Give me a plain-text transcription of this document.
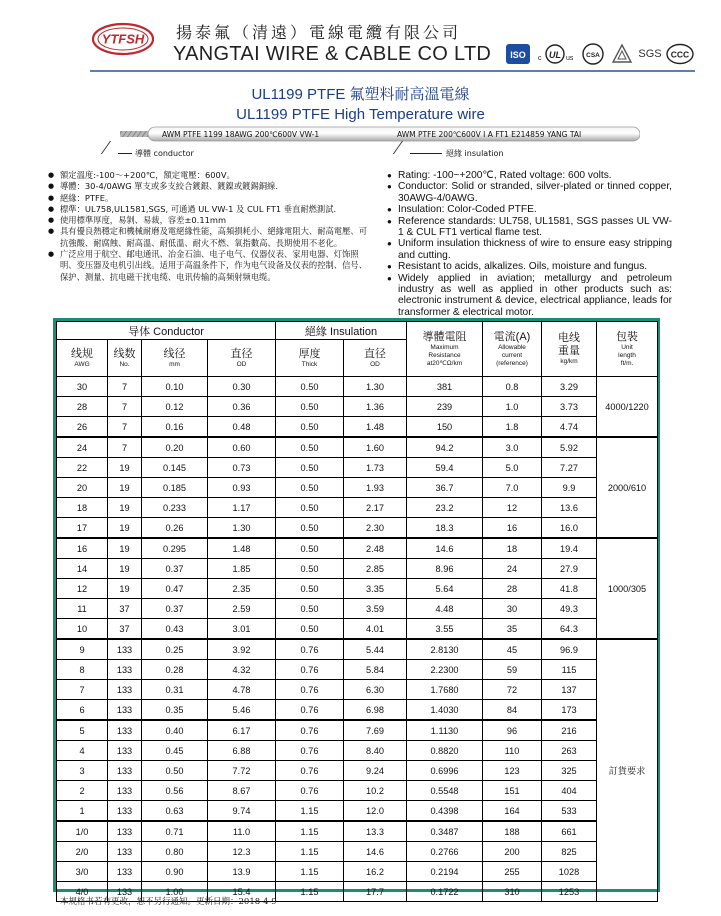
YTFSH 揚泰氟（清遠）電線電纜有限公司
YANGTAI WIRE & CABLE CO LTD ISO c UL us CSA	SGS CCC
UL1199 PTFE 氟塑料耐高溫電線
UL1199 PTFE High Temperature wire
AWM PTFE 1199 18AWG 200℃600V VW-1	AWM PTFE 200℃600V I A FT1 E214859 YANG TAI
導體 conductor	絕緣 insulation
● 額定溫度:-100～+200℃，額定電壓：600V。
● 導體：30-4/0AWG 單支或多支絞合鍍銀、鍍鎳或鍍錫銅線.
● 絕緣：PTFE。
● 標準：UL758,UL1581,SGS, 可通過 UL VW-1 及 CUL FT1 垂直耐燃測試.
● 使用標準厚度，易剝、易裁，容差±0.11mm
● 具有優良熱穩定和機械耐磨及電絕緣性能，高頻損耗小、絕緣電阻大、耐高電壓、可抗強酸、耐腐蝕、耐高溫、耐低溫、耐火不燃、氧指數高、長期使用不老化。
● 广泛应用于航空、邮电通讯、冶金石油、电子电气、仪器仪表、家用电器、灯饰照明、变压器及电机引出线。适用于高温条件下，作为电气设备及仪表的控制、信号、保护、测量、抗电磁干扰电缆、电讯传输的高频射频电缆。
● Rating: -100~+200℃, Rated voltage: 600 volts.
● Conductor: Solid or stranded, silver-plated or tinned copper, 30AWG-4/0AWG.
● Insulation: Color-Coded PTFE.
● Reference standards: UL758, UL1581, SGS passes UL VW-1 & CUL FT1 vertical flame test.
● Uniform insulation thickness of wire to ensure easy stripping and cutting.
● Resistant to acids, alkalizes. Oils, moisture and fungus.
● Widely applied in aviation; metallurgy and petroleum industry as well as applied in other products such as: electronic instrument & device, electrical appliance, leads for transformer & electrical motor.
导体 Conductor				絕緣 Insulation		導體電阻
Maximum
Resistance
at20℃Ω/km	電流(A)
Allowable
current
(reference)	电线
重量
kg/km	包裝
Unit
length
ft/m.

线规
AWG	线数
No.	线径
mm	直径
OD	厚度
Thick	直径
OD				

30	7	0.10	0.30	0.50	1.30	381	0.8	3.29	4000/1220
28	7	0.12	0.36	0.50	1.36	239	1.0	3.73	
26	7	0.16	0.48	0.50	1.48	150	1.8	4.74	
24	7	0.20	0.60	0.50	1.60	94.2	3.0	5.92	2000/610
22	19	0.145	0.73	0.50	1.73	59.4	5.0	7.27	
20	19	0.185	0.93	0.50	1.93	36.7	7.0	9.9	
18	19	0.233	1.17	0.50	2.17	23.2	12	13.6	
17	19	0.26	1.30	0.50	2.30	18.3	16	16.0	
16	19	0.295	1.48	0.50	2.48	14.6	18	19.4	1000/305
14	19	0.37	1.85	0.50	2.85	8.96	24	27.9	
12	19	0.47	2.35	0.50	3.35	5.64	28	41.8	
11	37	0.37	2.59	0.50	3.59	4.48	30	49.3	
10	37	0.43	3.01	0.50	4.01	3.55	35	64.3	
9	133	0.25	3.92	0.76	5.44	2.8130	45	96.9	訂貨要求
8	133	0.28	4.32	0.76	5.84	2.2300	59	115	
7	133	0.31	4.78	0.76	6.30	1.7680	72	137	
6	133	0.35	5.46	0.76	6.98	1.4030	84	173	
5	133	0.40	6.17	0.76	7.69	1.1130	96	216	
4	133	0.45	6.88	0.76	8.40	0.8820	110	263	
3	133	0.50	7.72	0.76	9.24	0.6996	123	325	
2	133	0.56	8.67	0.76	10.2	0.5548	151	404	
1	133	0.63	9.74	1.15	12.0	0.4398	164	533	
1/0	133	0.71	11.0	1.15	13.3	0.3487	188	661	
2/0	133	0.80	12.3	1.15	14.6	0.2766	200	825	
3/0	133	0.90	13.9	1.15	16.2	0.2194	255	1028	
4/0	133	1.00	15.4	1.15	17.7	0.1722	310	1253	
本规格书若有更改，恕不另行通知。更新日期：2018-4-9
